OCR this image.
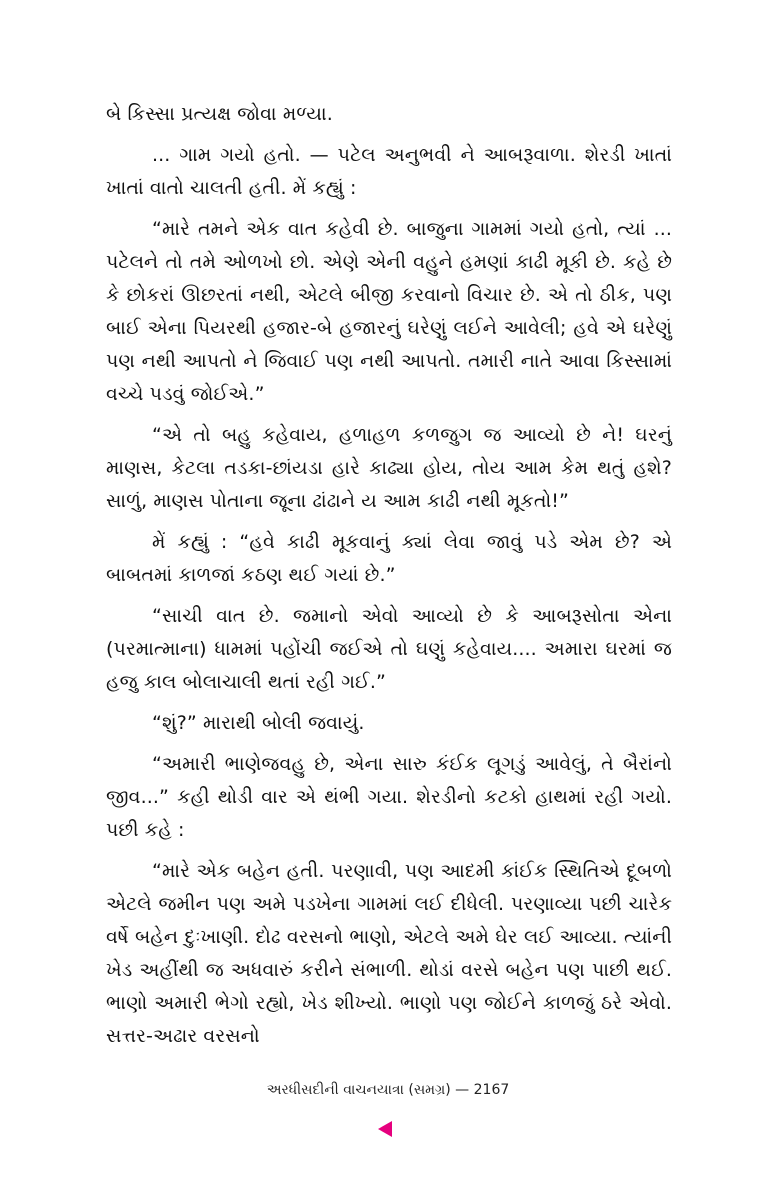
બે કિસ્સા પ્રત્યક્ષ જોવા મળ્યા.

... ગામ ગયો હતો. — પટેલ અનુભવી ને આબરૂવાળા. શેરડી ખાતાં ખાતાં વાતો ચાલતી હતી. મેં કહ્યું :

“મારે તમને એક વાત કહેવી છે. બાજુના ગામમાં ગયો હતો, ત્યાં ... પટેલને તો તમે ઓળખો છો. એણે એની વહુને હમણાં કાઢી મૂકી છે. કહે છે કે છોકરાં ઊછરતાં નથી, એટલે બીજી કરવાનો વિચાર છે. એ તો ઠીક, પણ બાઈ એના પિયરથી હજાર-બે હજારનું ઘરેણું લઈને આવેલી; હવે એ ઘરેણું પણ નથી આપતો ને જિવાઈ પણ નથી આપતો. તમારી નાતે આવા કિસ્સામાં વચ્ચે પડવું જોઈએ.”

“એ તો બહુ કહેવાય, હળાહળ કળજુગ જ આવ્યો છે ને! ઘરનું માણસ, કેટલા તડકા-છાંયડા હારે કાઢ્યા હોય, તોય આમ કેમ થતું હશે? સાળું, માણસ પોતાના જૂના ઢાંઢાને ય આમ કાઢી નથી મૂકતો!”

મેં કહ્યું : “હવે કાઢી મૂકવાનું ક્યાં લેવા જાવું પડે એમ છે? એ બાબતમાં કાળજાં કઠણ થઈ ગયાં છે.”

“સાચી વાત છે. જમાનો એવો આવ્યો છે કે આબરૂસોતા એના (પરમાત્માના) ધામમાં પહોંચી જઈએ તો ઘણું કહેવાય.... અમારા ઘરમાં જ હજુ કાલ બોલાચાલી થતાં રહી ગઈ.”

“શું?” મારાથી બોલી જવાયું.

“અમારી ભાણેજવહુ છે, એના સારુ કંઈક લૂગડું આવેલું, તે બૈરાંનો જીવ...” કહી થોડી વાર એ થંભી ગયા. શેરડીનો કટકો હાથમાં રહી ગયો. પછી કહે :

“મારે એક બહેન હતી. પરણાવી, પણ આદમી કાંઈક સ્થિતિએ દૂબળો એટલે જમીન પણ અમે પડખેના ગામમાં લઈ દીધેલી. પરણાવ્યા પછી ચારેક વર્ષે બહેન દુઃખાણી. દોઢ વરસનો ભાણો, એટલે અમે ઘેર લઈ આવ્યા. ત્યાંની ખેડ અહીંથી જ અધવારું કરીને સંભાળી. થોડાં વરસે બહેન પણ પાછી થઈ. ભાણો અમારી ભેગો રહ્યો, ખેડ શીખ્યો. ભાણો પણ જોઈને કાળજું ઠરે એવો. સત્તર-અઢાર વરસનો

અરધીસદીની વાચનયાત્રા (સમગ્ર) — 2167
